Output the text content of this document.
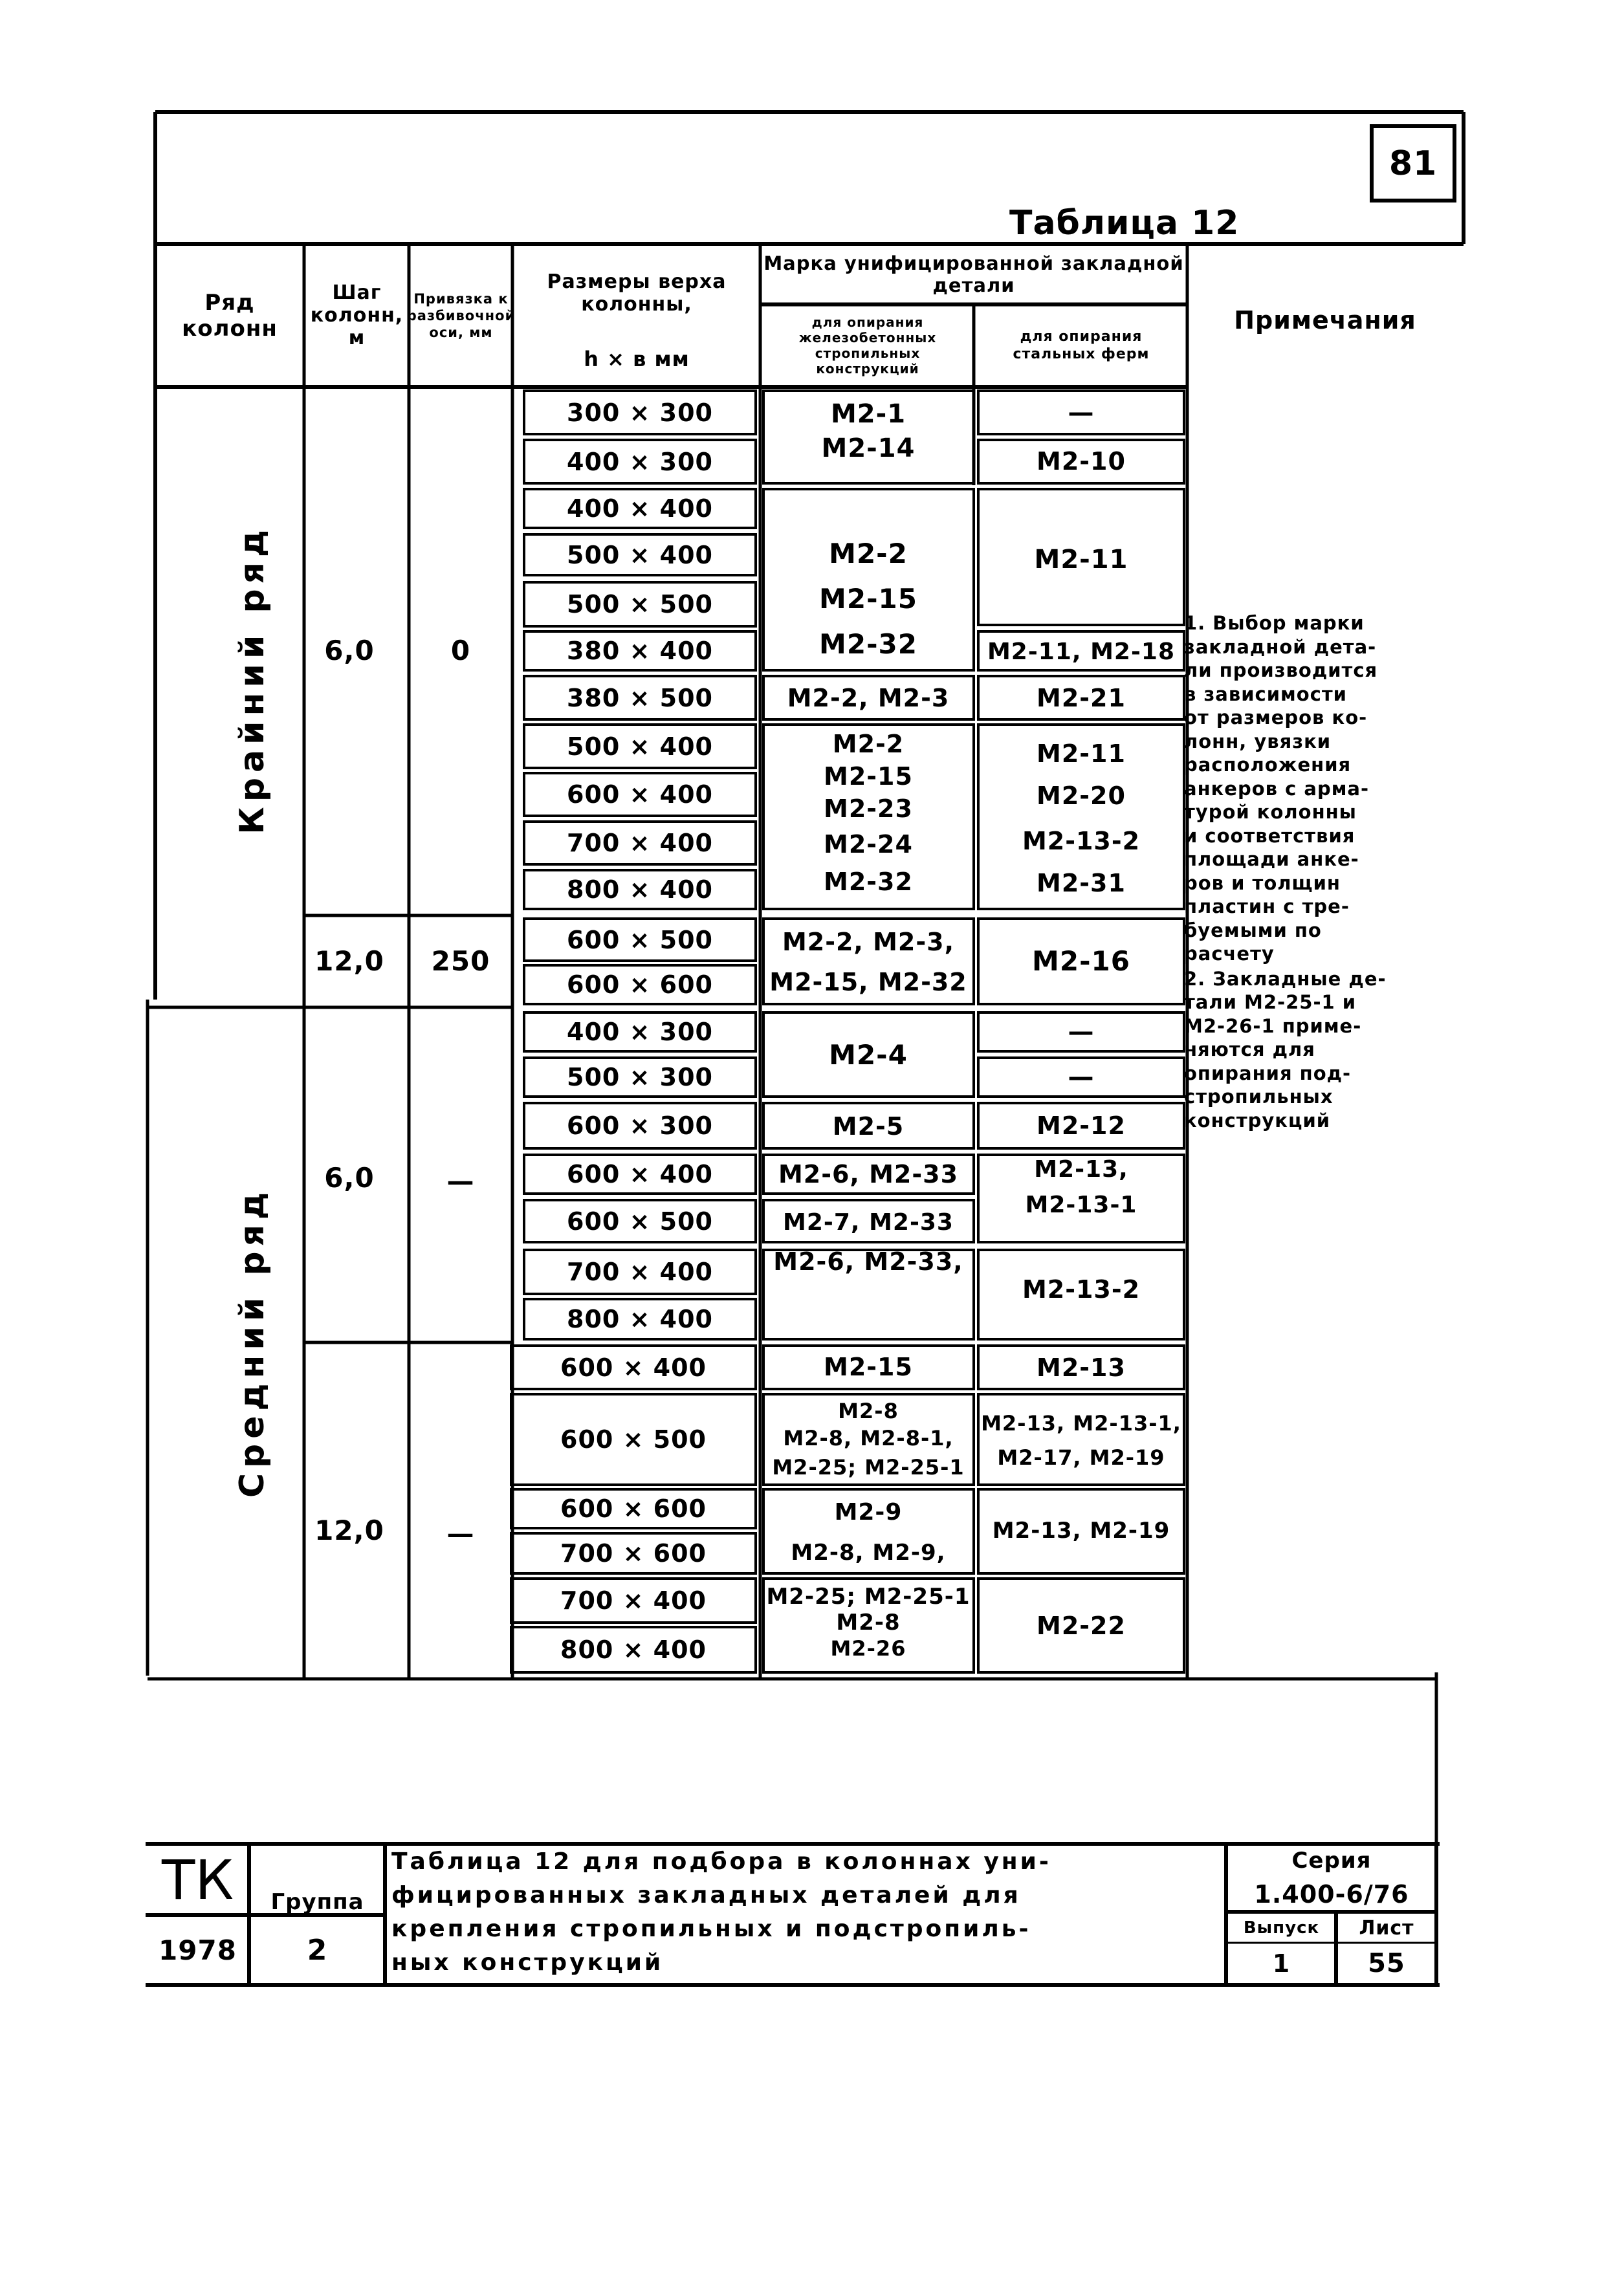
81
Таблица 12
Ряд колонн
Шаг колонн, м
Привязка к разбивочной оси, мм
Размеры верха колонны,
h × в мм
Марка унифицированной закладной детали
для опирания железобетонных стропильных конструкций
для опирания стальных ферм
Примечания
Крайний ряд
Средний ряд
6,0
12,0
6,0
12,0
0
250
—
—
300 × 300
400 × 300
400 × 400
500 × 400
500 × 500
380 × 400
380 × 500
500 × 400
600 × 400
700 × 400
800 × 400
600 × 500
600 × 600
400 × 300
500 × 300
600 × 300
600 × 400
600 × 500
700 × 400
800 × 400
600 × 400
600 × 500
600 × 600
700 × 600
700 × 400
800 × 400
М2-1
М2-14
М2-2
М2-15
М2-32
М2-2, М2-3
М2-2
М2-15
М2-23
М2-24
М2-32
М2-2, М2-3,
М2-15, М2-32
М2-4
М2-5
М2-6, М2-33
М2-7, М2-33
М2-6, М2-33,
М2-15
М2-8
М2-8, М2-8-1,
М2-25; М2-25-1
М2-9
М2-8, М2-9,
М2-25; М2-25-1
М2-8
М2-26
—
М2-10
М2-11
М2-11, М2-18
М2-21
М2-11
М2-20
М2-13-2
М2-31
М2-16
—
—
М2-12
М2-13,
М2-13-1
М2-13-2
М2-13
М2-13, М2-13-1,
М2-17, М2-19
М2-13, М2-19
М2-22
1. Выбор марки
закладной дета-
ли производится
в зависимости
от размеров ко-
лонн, увязки
расположения
анкеров с арма-
турой колонны
и соответствия
площади анке-
ров и толщин
пластин с тре-
буемыми по
расчету
2. Закладные де-
тали М2-25-1 и
М2-26-1 приме-
няются для
опирания под-
стропильных
конструкций
ТК
1978
Группа
2
Таблица 12 для подбора в колоннах уни-
фицированных закладных деталей для
крепления стропильных и подстропиль-
ных конструкций
Серия
1.400-6/76
Выпуск
1
Лист
55
